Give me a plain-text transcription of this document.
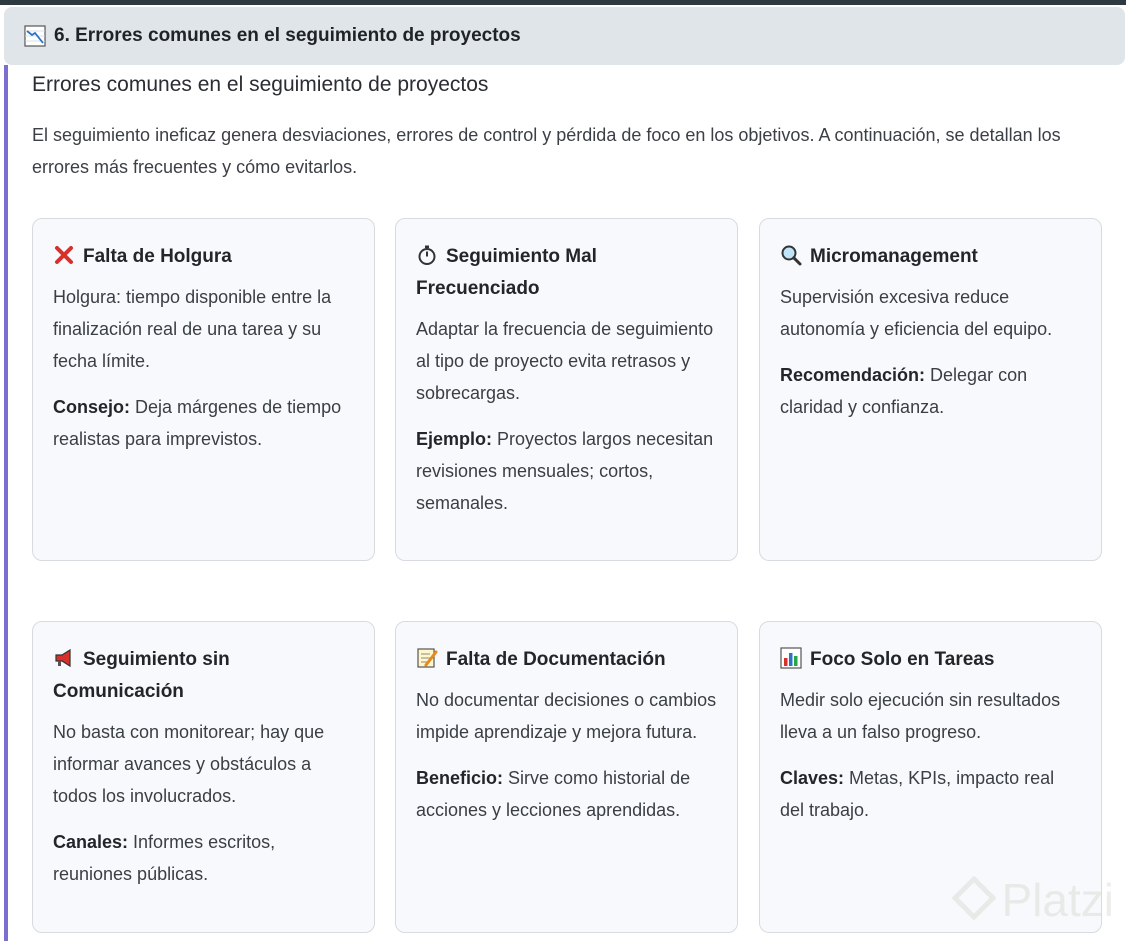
6. Errores comunes en el seguimiento de proyectos
Errores comunes en el seguimiento de proyectos

El seguimiento ineficaz genera desviaciones, errores de control y pérdida de foco en los objetivos. A continuación, se detallan los errores más frecuentes y cómo evitarlos.

Falta de Holgura

Holgura: tiempo disponible entre la finalización real de una tarea y su fecha límite.

Consejo: Deja márgenes de tiempo realistas para imprevistos.

Seguimiento Mal Frecuenciado

Adaptar la frecuencia de seguimiento al tipo de proyecto evita retrasos y sobrecargas.

Ejemplo: Proyectos largos necesitan revisiones mensuales; cortos, semanales.

Micromanagement

Supervisión excesiva reduce autonomía y eficiencia del equipo.

Recomendación: Delegar con claridad y confianza.

Seguimiento sin Comunicación

No basta con monitorear; hay que informar avances y obstáculos a todos los involucrados.

Canales: Informes escritos, reuniones públicas.

Falta de Documentación

No documentar decisiones o cambios impide aprendizaje y mejora futura.

Beneficio: Sirve como historial de acciones y lecciones aprendidas.

Foco Solo en Tareas

Medir solo ejecución sin resultados lleva a un falso progreso.

Claves: Metas, KPIs, impacto real del trabajo.

Platzi
